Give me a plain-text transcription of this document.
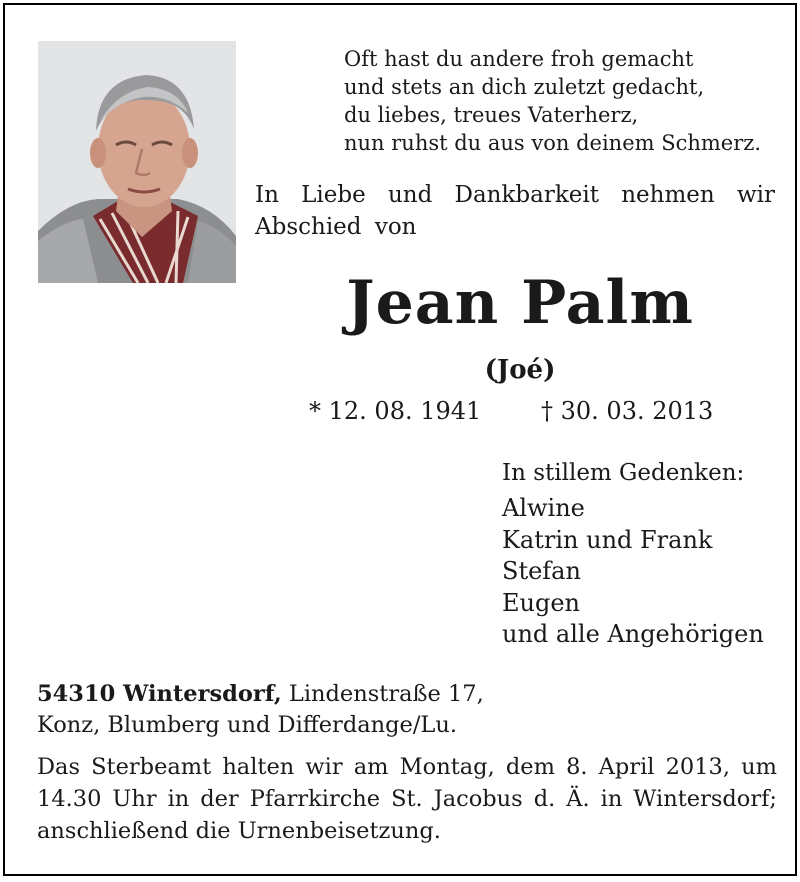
Oft hast du andere froh gemacht
und stets an dich zuletzt gedacht,
du liebes, treues Vaterherz,
nun ruhst du aus von deinem Schmerz.
In Liebe und Dankbarkeit nehmen wir Abschied von
Jean Palm
(Joé)
* 12. 08. 1941 † 30. 03. 2013
In stillem Gedenken:
Alwine
Katrin und Frank
Stefan
Eugen
und alle Angehörigen
54310 Wintersdorf, Lindenstraße 17,
Konz, Blumberg und Differdange/Lu.
Das Sterbeamt halten wir am Montag, dem 8. April 2013, um 14.30 Uhr in der Pfarrkirche St. Jacobus d. Ä. in Wintersdorf; anschließend die Urnenbeisetzung.
